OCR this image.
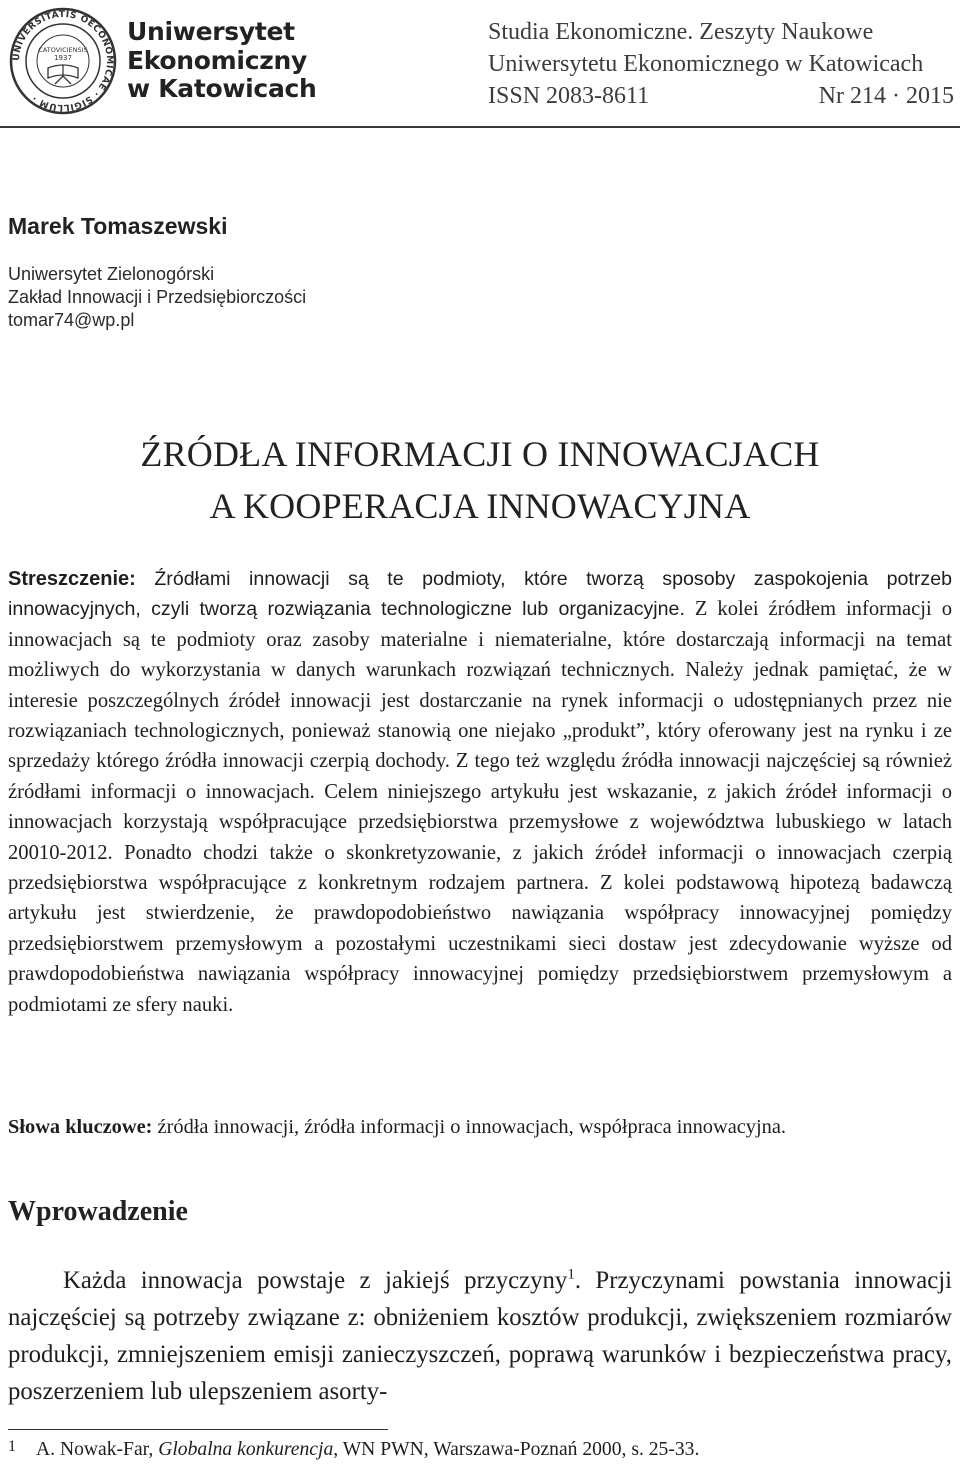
UNIVERSITATIS OECONOMICAE · SIGILLUM ·
CATOVICIENSIS
1937
Uniwersytet
Ekonomiczny
w Katowicach
Studia Ekonomiczne. Zeszyty Naukowe
Uniwersytetu Ekonomicznego w Katowicach
ISSN 2083-8611	Nr 214 · 2015
Marek Tomaszewski
Uniwersytet Zielonogórski
Zakład Innowacji i Przedsiębiorczości
tomar74@wp.pl
ŹRÓDŁA INFORMACJI O INNOWACJACH
A KOOPERACJA INNOWACYJNA
Streszczenie: Źródłami innowacji są te podmioty, które tworzą sposoby zaspokojenia potrzeb innowacyjnych, czyli tworzą rozwiązania technologiczne lub organizacyjne. Z kolei źródłem informacji o innowacjach są te podmioty oraz zasoby materialne i niematerialne, które dostarczają informacji na temat możliwych do wykorzystania w danych warunkach rozwiązań technicznych. Należy jednak pamiętać, że w interesie poszczególnych źródeł innowacji jest dostarczanie na rynek informacji o udostępnianych przez nie rozwiązaniach technologicznych, ponieważ stanowią one niejako „produkt”, który oferowany jest na rynku i ze sprzedaży którego źródła innowacji czerpią dochody. Z tego też względu źródła innowacji najczęściej są również źródłami informacji o innowacjach. Celem niniejszego artykułu jest wskazanie, z jakich źródeł informacji o innowacjach korzystają współpracujące przedsiębiorstwa przemysłowe z województwa lubuskiego w latach 20010-2012. Ponadto chodzi także o skonkretyzowanie, z jakich źródeł informacji o innowacjach czerpią przedsiębiorstwa współpracujące z konkretnym rodzajem partnera. Z kolei podstawową hipotezą badawczą artykułu jest stwierdzenie, że prawdopodobieństwo nawiązania współpracy innowacyjnej pomiędzy przedsiębiorstwem przemysłowym a pozostałymi uczestnikami sieci dostaw jest zdecydowanie wyższe od prawdopodobieństwa nawiązania współpracy innowacyjnej pomiędzy przedsiębiorstwem przemysłowym a podmiotami ze sfery nauki.
Słowa kluczowe: źródła innowacji, źródła informacji o innowacjach, współpraca innowacyjna.
Wprowadzenie

Każda innowacja powstaje z jakiejś przyczyny$^1$. Przyczynami powstania innowacji najczęściej są potrzeby związane z: obniżeniem kosztów produkcji, zwiększeniem rozmiarów produkcji, zmniejszeniem emisji zanieczyszczeń, poprawą warunków i bezpieczeństwa pracy, poszerzeniem lub ulepszeniem asorty-

1 A. Nowak-Far, Globalna konkurencja, WN PWN, Warszawa-Poznań 2000, s. 25-33.
